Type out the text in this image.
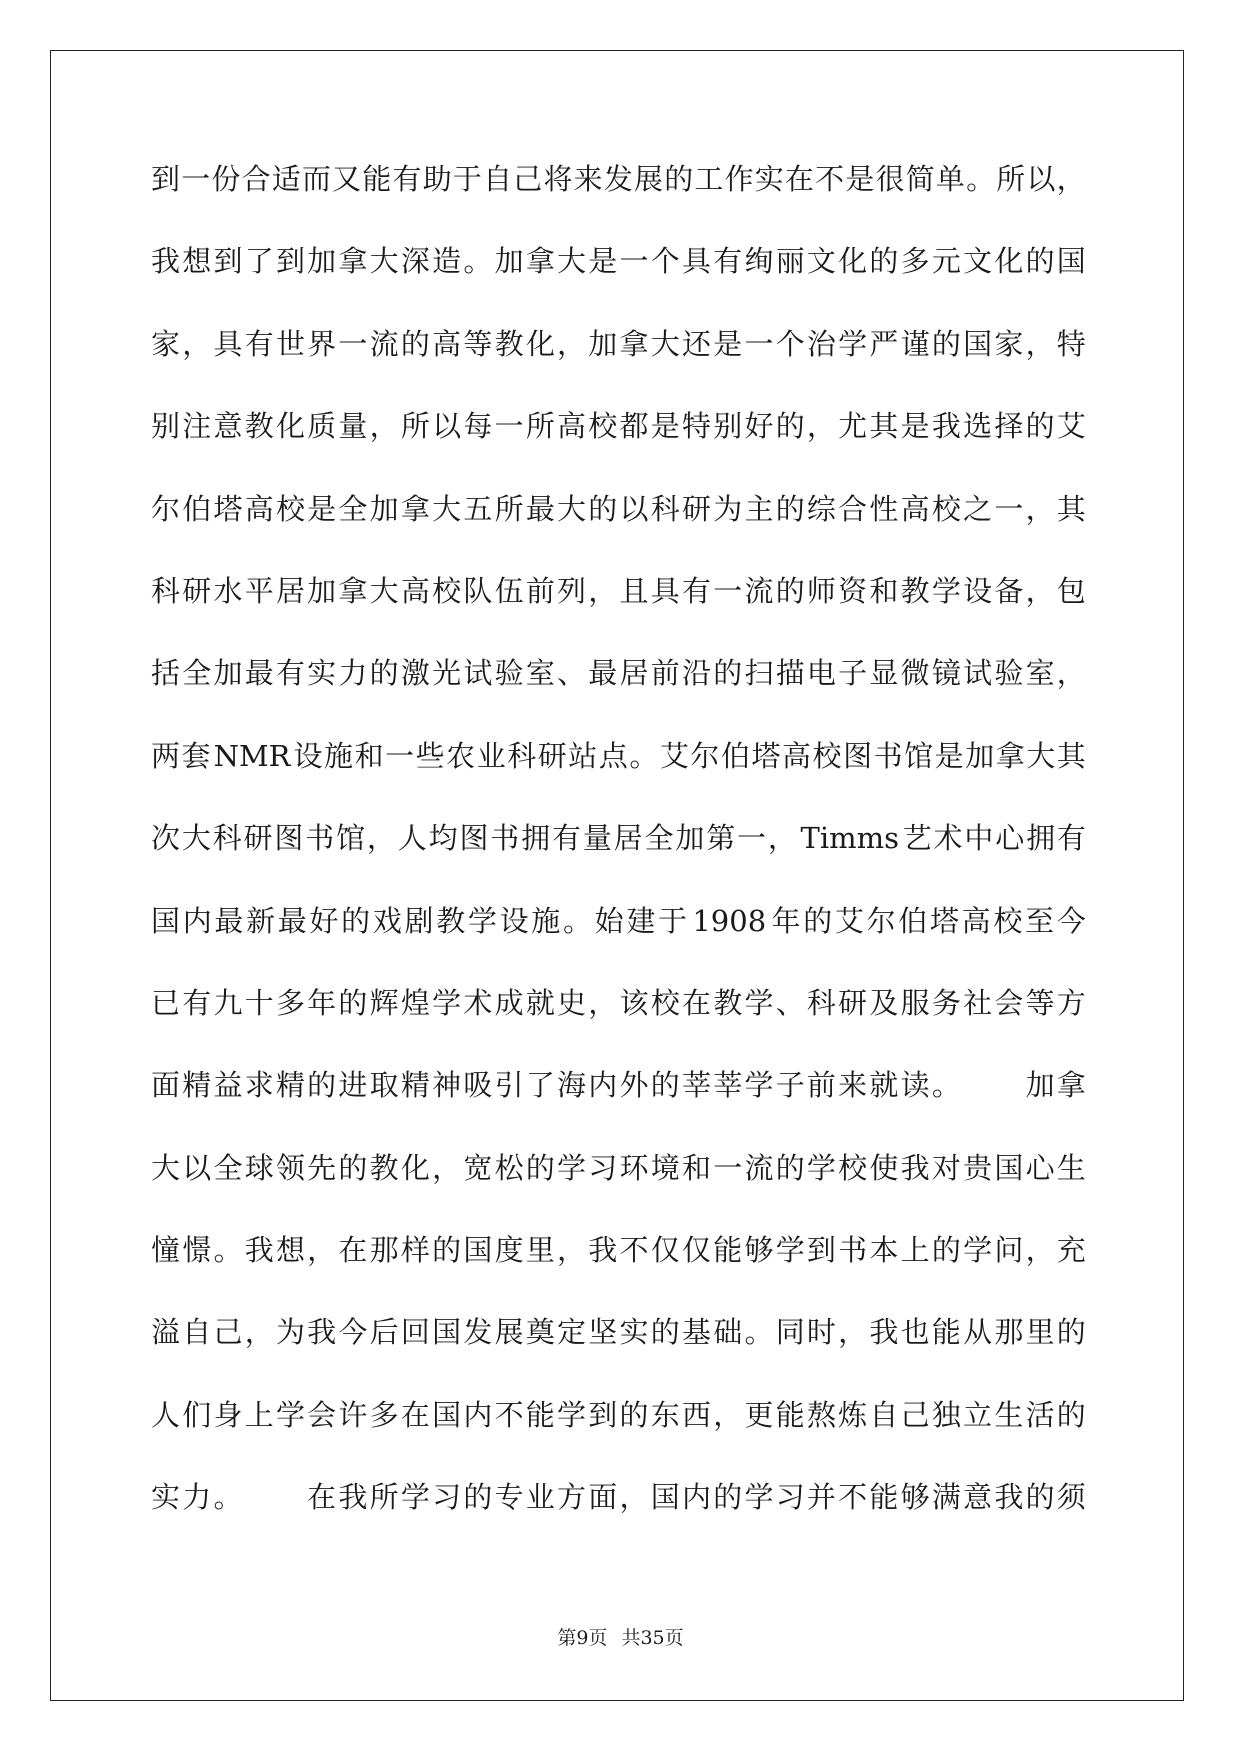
到 一 份 合 适 而 又 能 有 助 于 自 己 将 来 发 展 的 工 作 实 在 不 是 很 简 单 。 所 以 ，
我 想 到 了 到 加 拿 大 深 造 。 加 拿 大 是 一 个 具 有 绚 丽 文 化 的 多 元 文 化 的 国
家 ， 具 有 世 界 一 流 的 高 等 教 化 ， 加 拿 大 还 是 一 个 治 学 严 谨 的 国 家 ， 特
别 注 意 教 化 质 量 ， 所 以 每 一 所 高 校 都 是 特 别 好 的 ， 尤 其 是 我 选 择 的 艾
尔 伯 塔 高 校 是 全 加 拿 大 五 所 最 大 的 以 科 研 为 主 的 综 合 性 高 校 之 一 ， 其
科 研 水 平 居 加 拿 大 高 校 队 伍 前 列 ， 且 具 有 一 流 的 师 资 和 教 学 设 备 ， 包
括 全 加 最 有 实 力 的 激 光 试 验 室 、 最 居 前 沿 的 扫 描 电 子 显 微 镜 试 验 室 ，
两 套 NMR 设 施 和 一 些 农 业 科 研 站 点 。 艾 尔 伯 塔 高 校 图 书 馆 是 加 拿 大 其
次 大 科 研 图 书 馆 ， 人 均 图 书 拥 有 量 居 全 加 第 一 ， Timms 艺 术 中 心 拥 有
国 内 最 新 最 好 的 戏 剧 教 学 设 施 。 始 建 于 1908 年 的 艾 尔 伯 塔 高 校 至 今
已 有 九 十 多 年 的 辉 煌 学 术 成 就 史 ， 该 校 在 教 学 、 科 研 及 服 务 社 会 等 方
面 精 益 求 精 的 进 取 精 神 吸 引 了 海 内 外 的 莘 莘 学 子 前 来 就 读 。

　 加 拿
大 以 全 球 领 先 的 教 化 ， 宽 松 的 学 习 环 境 和 一 流 的 学 校 使 我 对 贵 国 心 生
憧 憬 。 我 想 ， 在 那 样 的 国 度 里 ， 我 不 仅 仅 能 够 学 到 书 本 上 的 学 问 ， 充
溢 自 己 ， 为 我 今 后 回 国 发 展 奠 定 坚 实 的 基 础 。 同 时 ， 我 也 能 从 那 里 的
人 们 身 上 学 会 许 多 在 国 内 不 能 学 到 的 东 西 ， 更 能 熬 炼 自 己 独 立 生 活 的
实 力 。

　 在 我 所 学 习 的 专 业 方 面 ， 国 内 的 学 习 并 不 能 够 满 意 我 的 须
第9页 共35页
